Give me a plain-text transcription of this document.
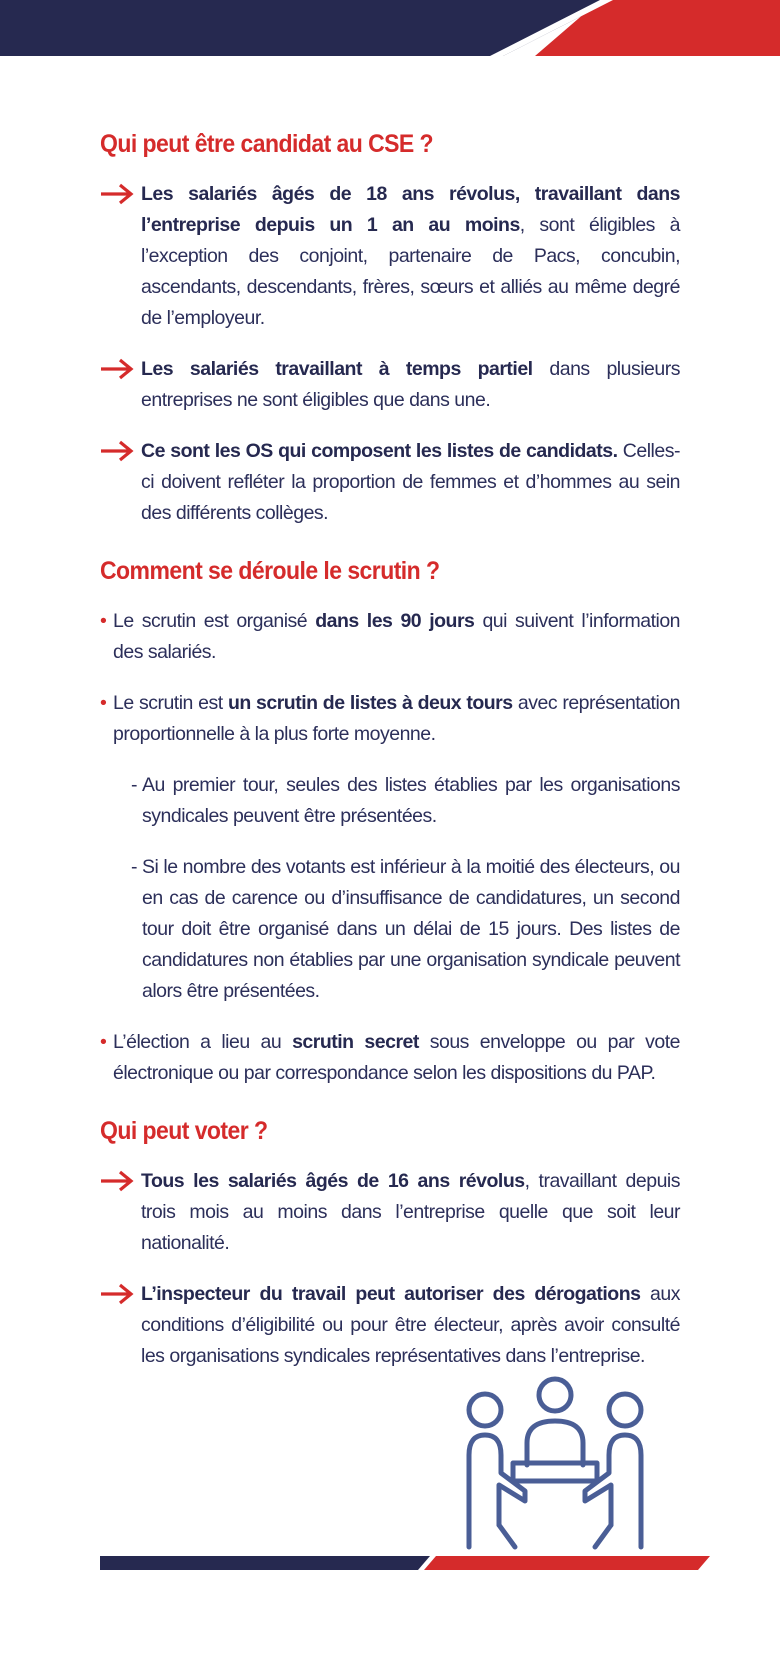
Qui peut être candidat au CSE ?
Les salariés âgés de 18 ans révolus, travaillant dans l’entreprise depuis un 1 an au moins, sont éligibles à l’exception des conjoint, partenaire de Pacs, concubin, ascendants, descendants, frères, sœurs et alliés au même degré de l’employeur.
Les salariés travaillant à temps partiel dans plusieurs entreprises ne sont éligibles que dans une.
Ce sont les OS qui composent les listes de candidats. Celles-ci doivent refléter la proportion de femmes et d’hommes au sein des différents collèges.
Comment se déroule le scrutin ?
• Le scrutin est organisé dans les 90 jours qui suivent l’information des salariés.
• Le scrutin est un scrutin de listes à deux tours avec représentation proportionnelle à la plus forte moyenne.
- Au premier tour, seules des listes établies par les organisations syndicales peuvent être présentées.
- Si le nombre des votants est inférieur à la moitié des électeurs, ou en cas de carence ou d’insuffisance de candidatures, un second tour doit être organisé dans un délai de 15 jours. Des listes de candidatures non établies par une organisation syndicale peuvent alors être présentées.
• L’élection a lieu au scrutin secret sous enveloppe ou par vote électronique ou par correspondance selon les dispositions du PAP.
Qui peut voter ?
Tous les salariés âgés de 16 ans révolus, travaillant depuis trois mois au moins dans l’entreprise quelle que soit leur nationalité.
L’inspecteur du travail peut autoriser des dérogations aux conditions d’éligibilité ou pour être électeur, après avoir consulté les organisations syndicales représentatives dans l’entreprise.
